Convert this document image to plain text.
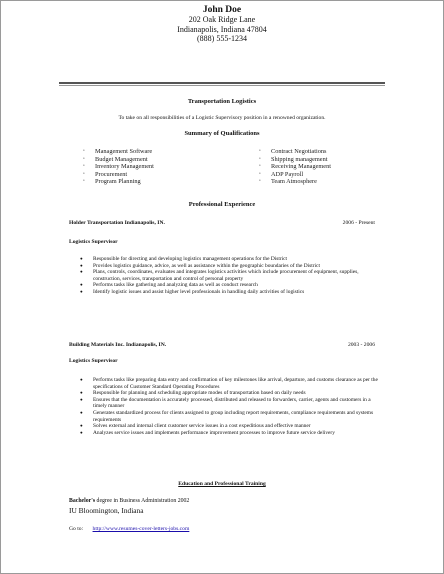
John Doe
202 Oak Ridge Lane
Indianapolis, Indiana 47804
(888) 555-1234
Transportation Logistics
To take on all responsibilities of a Logistic Supervisory position in a renowned organization.
Summary of Qualifications
• Management Software
• Budget Management
• Inventory Management
• Procurement
• Program Planning
• Contract Negotiations
• Shipping management
• Receiving Management
• ADP Payroll
• Team Atmosphere
Professional Experience
Holder Transportation Indianapolis, IN.	2006 - Present
Logistics Supervisor
● Responsible for directing and developing logistics management operations for the District
● Provides logistics guidance, advice, as well as assistance within the geographic boundaries of the District
● Plans, controls, coordinates, evaluates and integrates logistics activities which include procurement of equipment, supplies, construction, services, transportation and control of personal property
● Performs tasks like gathering and analyzing data as well as conduct research
● Identify logistic issues and assist higher level professionals in handling daily activities of logistics
Building Materials Inc. Indianapolis, IN.	2003 - 2006
Logistics Supervisor
● Performs tasks like preparing data entry and confirmation of key milestones like arrival, departure, and customs clearance as per the specifications of Customer Standard Operating Procedures
● Responsible for planning and scheduling appropriate modes of transportation based on daily needs
● Ensures that the documentation is accurately processed, distributed and released to forwarders, carrier, agents and customers in a timely manner
● Generates standardized process for clients assigned to group including report requirements, compliance requirements and systems requirements
● Solves external and internal client customer service issues in a cost expeditious and effective manner
● Analyzes service issues and implements performance improvement processes to improve future service delivery
Education and Professional Training
Bachelor's degree in Business Administration 2002
IU Bloomington, Indiana
Go to: http://www.resumes-cover-letters-jobs.com
